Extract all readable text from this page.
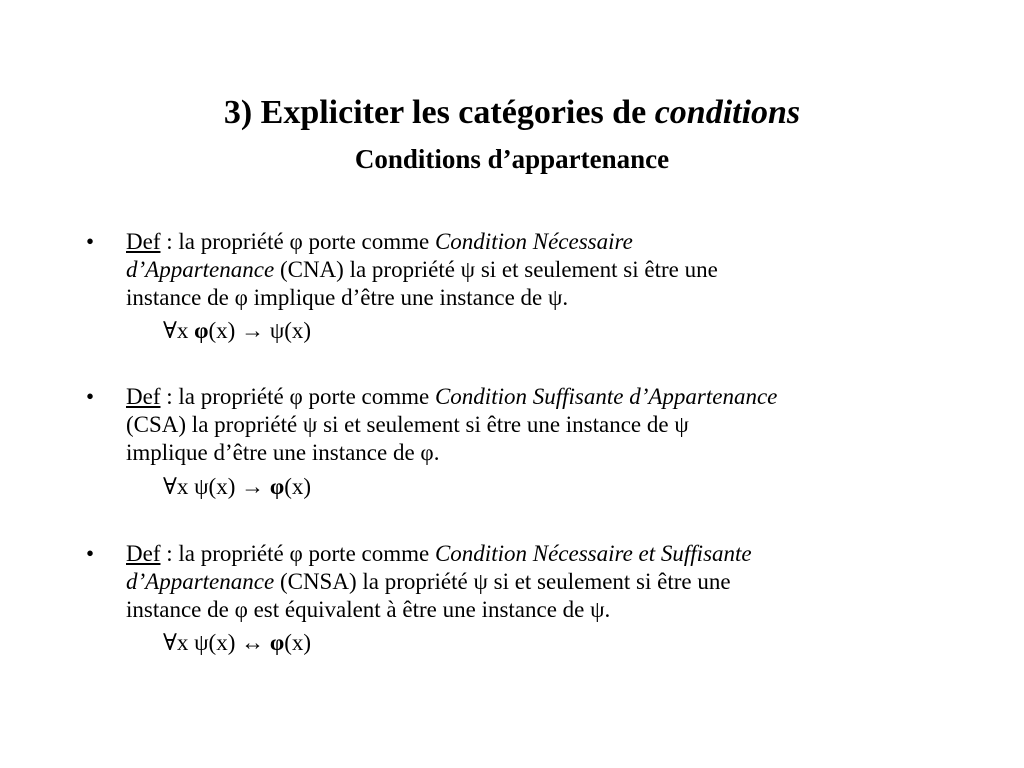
3) Expliciter les catégories de conditions
Conditions d’appartenance
• Def : la propriété φ porte comme Condition Nécessaire
d’Appartenance (CNA) la propriété ψ si et seulement si être une
instance de φ implique d’être une instance de ψ.
∀x φ(x) → ψ(x)
• Def : la propriété φ porte comme Condition Suffisante d’Appartenance
(CSA) la propriété ψ si et seulement si être une instance de ψ
implique d’être une instance de φ.
∀x ψ(x) → φ(x)
• Def : la propriété φ porte comme Condition Nécessaire et Suffisante
d’Appartenance (CNSA) la propriété ψ si et seulement si être une
instance de φ est équivalent à être une instance de ψ.
∀x ψ(x) ↔ φ(x)
